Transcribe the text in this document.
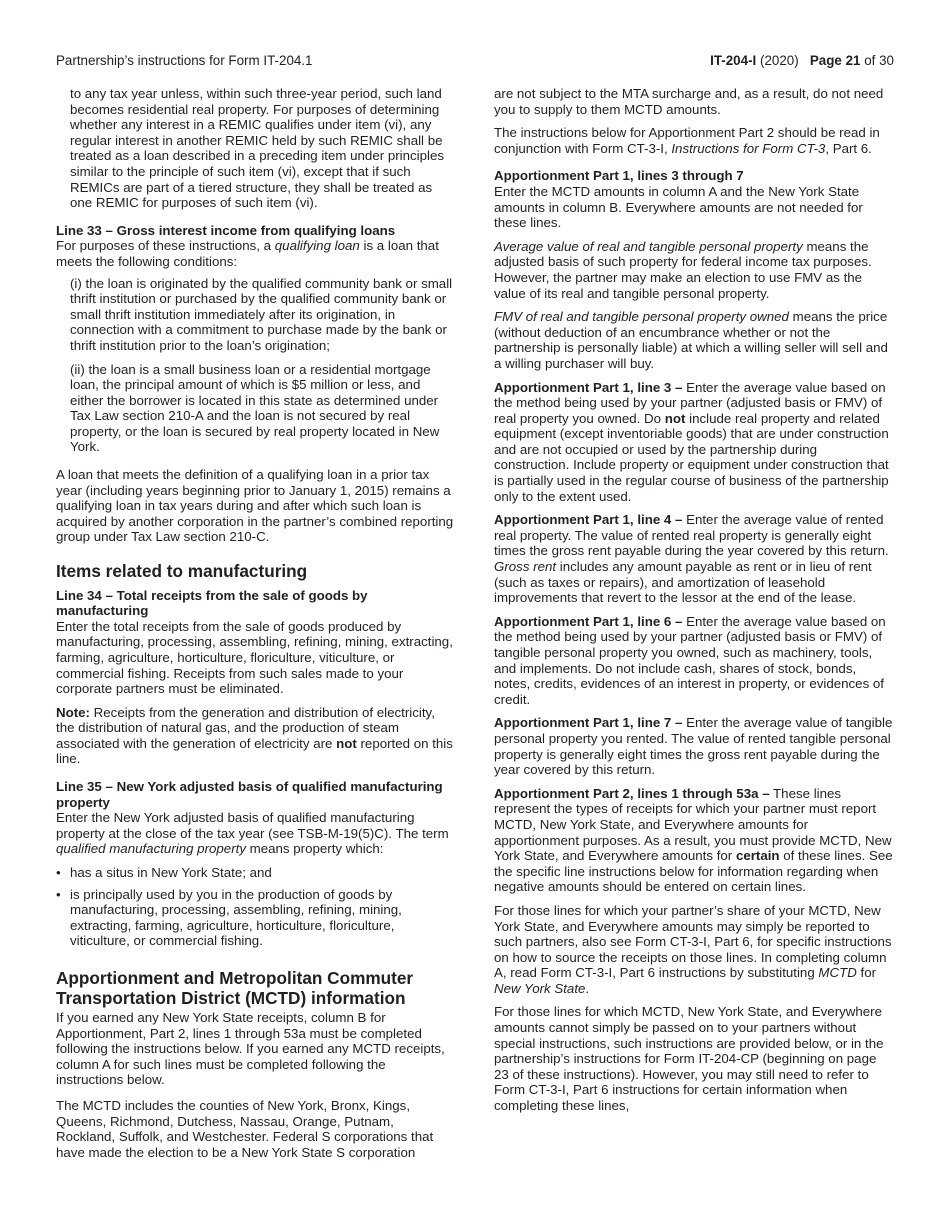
Partnership’s instructions for Form IT-204.1	IT-204-I (2020)   Page 21 of 30

to any tax year unless, within such three-year period, such land becomes residential real property. For purposes of determining whether any interest in a REMIC qualifies under item (vi), any regular interest in another REMIC held by such REMIC shall be treated as a loan described in a preceding item under principles similar to the principle of such item (vi), except that if such REMICs are part of a tiered structure, they shall be treated as one REMIC for purposes of such item (vi).

Line 33 – Gross interest income from qualifying loans

For purposes of these instructions, a qualifying loan is a loan that meets the following conditions:

(i) the loan is originated by the qualified community bank or small thrift institution or purchased by the qualified community bank or small thrift institution immediately after its origination, in connection with a commitment to purchase made by the bank or thrift institution prior to the loan’s origination;

(ii) the loan is a small business loan or a residential mortgage loan, the principal amount of which is $5 million or less, and either the borrower is located in this state as determined under Tax Law section 210-A and the loan is not secured by real property, or the loan is secured by real property located in New York.

A loan that meets the definition of a qualifying loan in a prior tax year (including years beginning prior to January 1, 2015) remains a qualifying loan in tax years during and after which such loan is acquired by another corporation in the partner’s combined reporting group under Tax Law section 210-C.

Items related to manufacturing
Line 34 – Total receipts from the sale of goods by manufacturing

Enter the total receipts from the sale of goods produced by manufacturing, processing, assembling, refining, mining, extracting, farming, agriculture, horticulture, floriculture, viticulture, or commercial fishing. Receipts from such sales made to your corporate partners must be eliminated.

Note: Receipts from the generation and distribution of electricity, the distribution of natural gas, and the production of steam associated with the generation of electricity are not reported on this line.

Line 35 – New York adjusted basis of qualified manufacturing property

Enter the New York adjusted basis of qualified manufacturing property at the close of the tax year (see TSB-M-19(5)C). The term qualified manufacturing property means property which:

• has a situs in New York State; and
• is principally used by you in the production of goods by manufacturing, processing, assembling, refining, mining, extracting, farming, agriculture, horticulture, floriculture, viticulture, or commercial fishing.
Apportionment and Metropolitan Commuter Transportation District (MCTD) information

If you earned any New York State receipts, column B for Apportionment, Part 2, lines 1 through 53a must be completed following the instructions below. If you earned any MCTD receipts, column A for such lines must be completed following the instructions below.

The MCTD includes the counties of New York, Bronx, Kings, Queens, Richmond, Dutchess, Nassau, Orange, Putnam, Rockland, Suffolk, and Westchester. Federal S corporations that have made the election to be a New York State S corporation

are not subject to the MTA surcharge and, as a result, do not need you to supply to them MCTD amounts.

The instructions below for Apportionment Part 2 should be read in conjunction with Form CT-3-I, Instructions for Form CT-3, Part 6.

Apportionment Part 1, lines 3 through 7

Enter the MCTD amounts in column A and the New York State amounts in column B. Everywhere amounts are not needed for these lines.

Average value of real and tangible personal property means the adjusted basis of such property for federal income tax purposes. However, the partner may make an election to use FMV as the value of its real and tangible personal property.

FMV of real and tangible personal property owned means the price (without deduction of an encumbrance whether or not the partnership is personally liable) at which a willing seller will sell and a willing purchaser will buy.

Apportionment Part 1, line 3 – Enter the average value based on the method being used by your partner (adjusted basis or FMV) of real property you owned. Do not include real property and related equipment (except inventoriable goods) that are under construction and are not occupied or used by the partnership during construction. Include property or equipment under construction that is partially used in the regular course of business of the partnership only to the extent used.

Apportionment Part 1, line 4 – Enter the average value of rented real property. The value of rented real property is generally eight times the gross rent payable during the year covered by this return. Gross rent includes any amount payable as rent or in lieu of rent (such as taxes or repairs), and amortization of leasehold improvements that revert to the lessor at the end of the lease.

Apportionment Part 1, line 6 – Enter the average value based on the method being used by your partner (adjusted basis or FMV) of tangible personal property you owned, such as machinery, tools, and implements. Do not include cash, shares of stock, bonds, notes, credits, evidences of an interest in property, or evidences of credit.

Apportionment Part 1, line 7 – Enter the average value of tangible personal property you rented. The value of rented tangible personal property is generally eight times the gross rent payable during the year covered by this return.

Apportionment Part 2, lines 1 through 53a – These lines represent the types of receipts for which your partner must report MCTD, New York State, and Everywhere amounts for apportionment purposes. As a result, you must provide MCTD, New York State, and Everywhere amounts for certain of these lines. See the specific line instructions below for information regarding when negative amounts should be entered on certain lines.

For those lines for which your partner’s share of your MCTD, New York State, and Everywhere amounts may simply be reported to such partners, also see Form CT-3-I, Part 6, for specific instructions on how to source the receipts on those lines. In completing column A, read Form CT-3-I, Part 6 instructions by substituting MCTD for New York State.

For those lines for which MCTD, New York State, and Everywhere amounts cannot simply be passed on to your partners without special instructions, such instructions are provided below, or in the partnership’s instructions for Form IT-204-CP (beginning on page 23 of these instructions). However, you may still need to refer to Form CT-3-I, Part 6 instructions for certain information when completing these lines,
